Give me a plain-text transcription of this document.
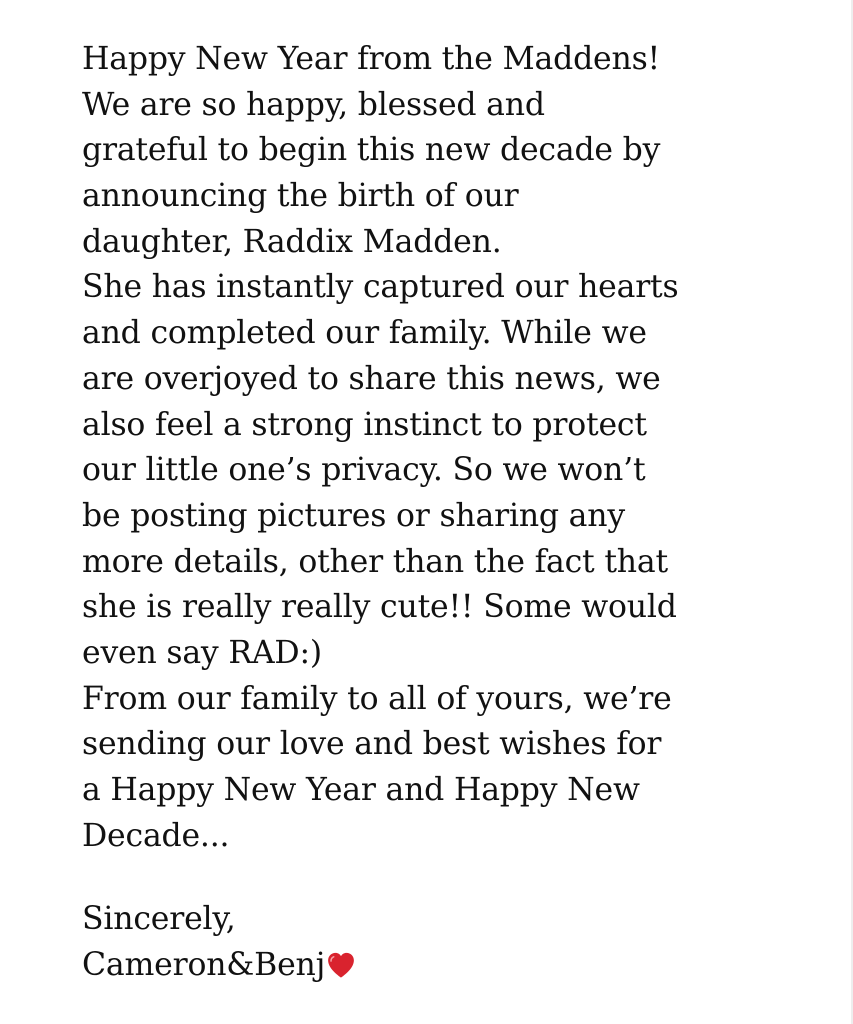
Happy New Year from the Maddens!
We are so happy, blessed and
grateful to begin this new decade by
announcing the birth of our
daughter, Raddix Madden.
She has instantly captured our hearts
and completed our family. While we
are overjoyed to share this news, we
also feel a strong instinct to protect
our little one’s privacy. So we won’t
be posting pictures or sharing any
more details, other than the fact that
she is really really cute!! Some would
even say RAD:)
From our family to all of yours, we’re
sending our love and best wishes for
a Happy New Year and Happy New
Decade...
Sincerely,
Cameron&Benj
